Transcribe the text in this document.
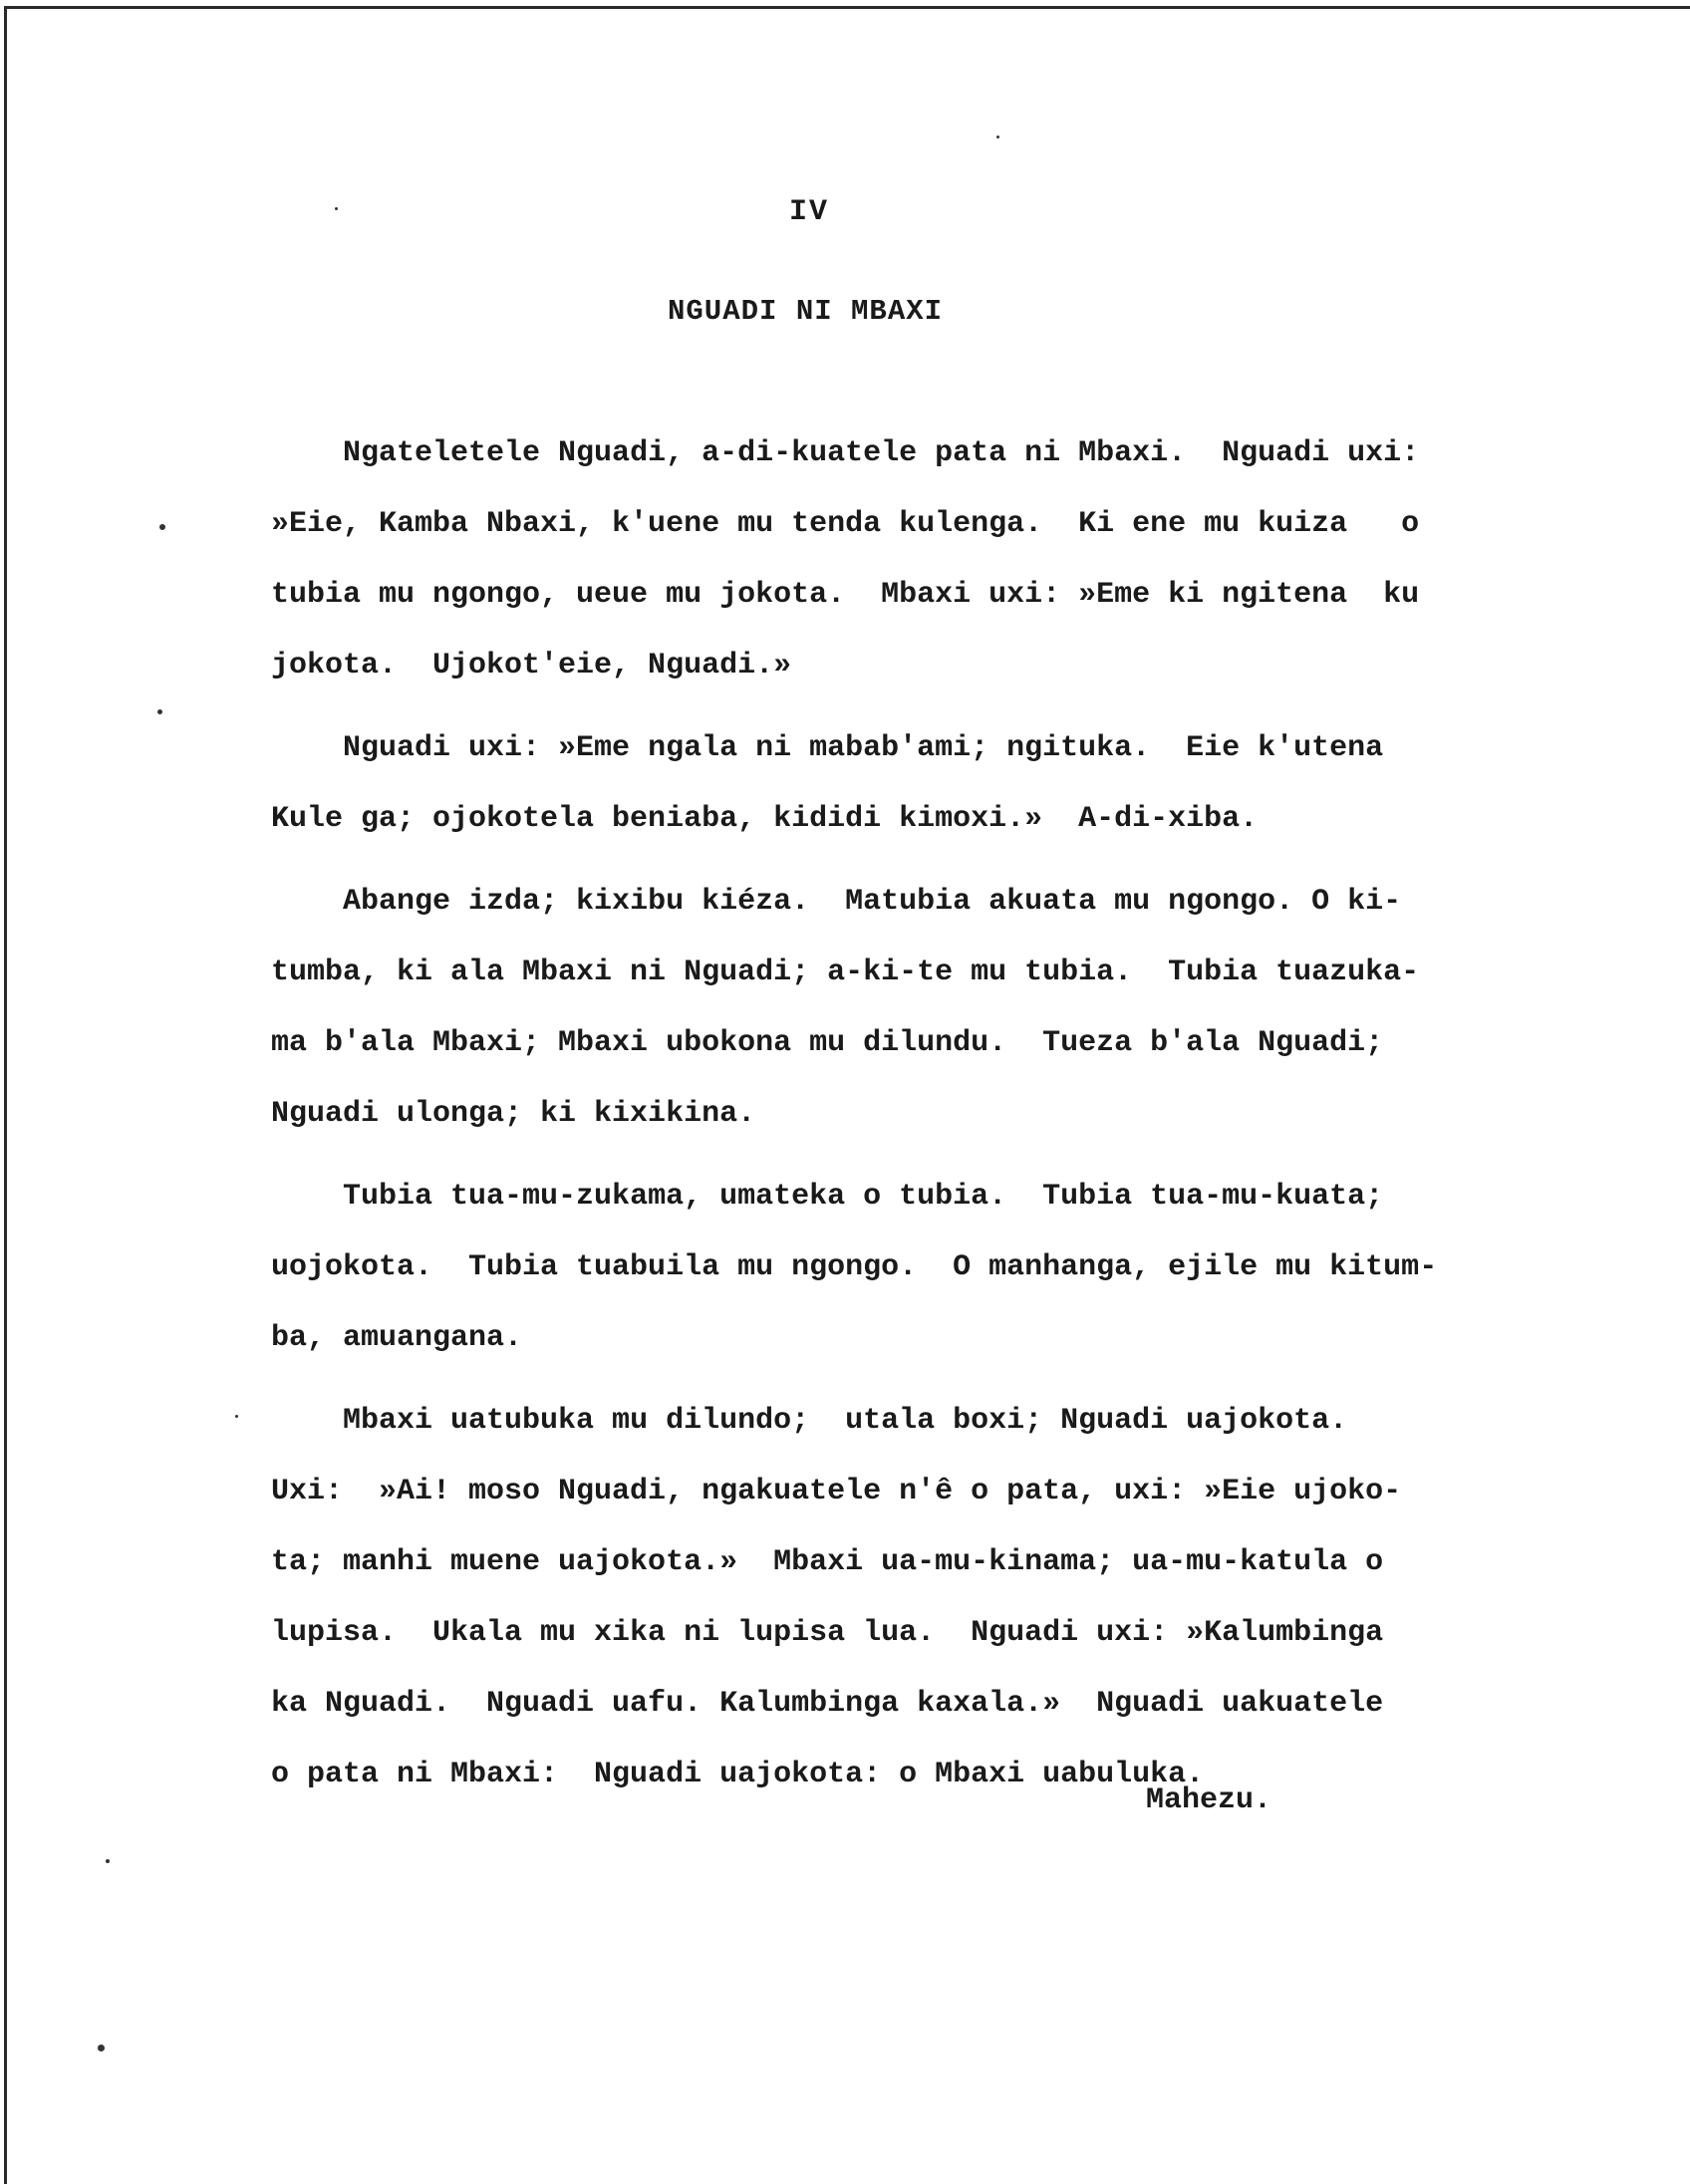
IV
NGUADI NI MBAXI

Ngateletele Nguadi, a-di-kuatele pata ni Mbaxi.  Nguadi uxi:

»Eie, Kamba Nbaxi, k'uene mu tenda kulenga.  Ki ene mu kuiza   o

tubia mu ngongo, ueue mu jokota.  Mbaxi uxi: »Eme ki ngitena  ku

jokota.  Ujokot'eie, Nguadi.»

Nguadi uxi: »Eme ngala ni mabab'ami; ngituka.  Eie k'utena

Kule ga; ojokotela beniaba, kididi kimoxi.»  A-di-xiba.

Abange izda; kixibu kiéza.  Matubia akuata mu ngongo. O ki-

tumba, ki ala Mbaxi ni Nguadi; a-ki-te mu tubia.  Tubia tuazuka-

ma b'ala Mbaxi; Mbaxi ubokona mu dilundu.  Tueza b'ala Nguadi;

Nguadi ulonga; ki kixikina.

Tubia tua-mu-zukama, umateka o tubia.  Tubia tua-mu-kuata;

uojokota.  Tubia tuabuila mu ngongo.  O manhanga, ejile mu kitum-

ba, amuangana.

Mbaxi uatubuka mu dilundo;  utala boxi; Nguadi uajokota.

Uxi:  »Ai! moso Nguadi, ngakuatele n'ê o pata, uxi: »Eie ujoko-

ta; manhi muene uajokota.»  Mbaxi ua-mu-kinama; ua-mu-katula o

lupisa.  Ukala mu xika ni lupisa lua.  Nguadi uxi: »Kalumbinga

ka Nguadi.  Nguadi uafu. Kalumbinga kaxala.»  Nguadi uakuatele

o pata ni Mbaxi:  Nguadi uajokota: o Mbaxi uabuluka.

Mahezu.
